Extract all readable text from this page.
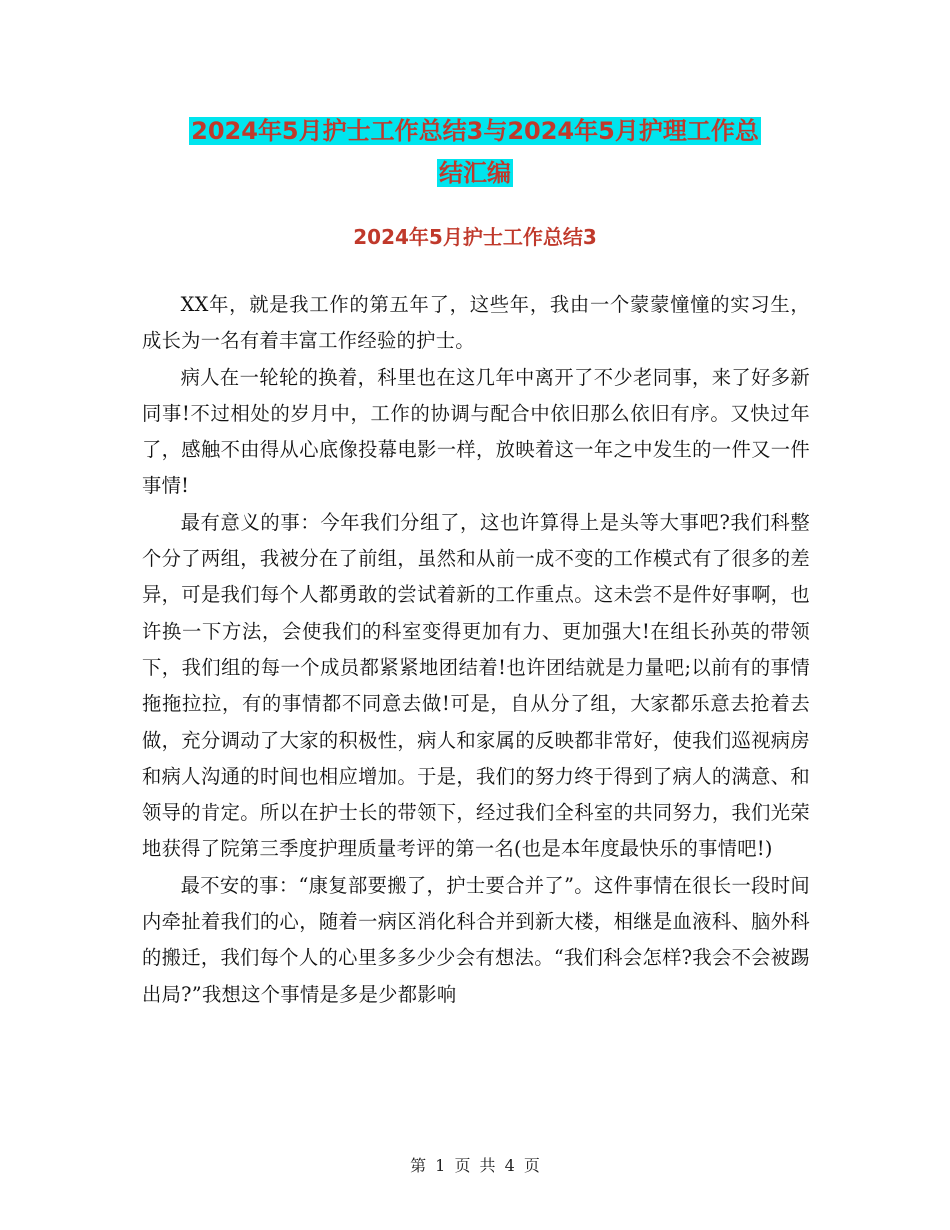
2024年5月护士工作总结3与2024年5月护理工作总
结汇编
2024年5月护士工作总结3

XX年，就是我工作的第五年了，这些年，我由一个蒙蒙憧憧的实习生，成长为一名有着丰富工作经验的护士。

病人在一轮轮的换着，科里也在这几年中离开了不少老同事，来了好多新同事!不过相处的岁月中，工作的协调与配合中依旧那么依旧有序。又快过年了，感触不由得从心底像投幕电影一样，放映着这一年之中发生的一件又一件事情!

最有意义的事：今年我们分组了，这也许算得上是头等大事吧?我们科整个分了两组，我被分在了前组，虽然和从前一成不变的工作模式有了很多的差异，可是我们每个人都勇敢的尝试着新的工作重点。这未尝不是件好事啊，也许换一下方法，会使我们的科室变得更加有力、更加强大!在组长孙英的带领下，我们组的每一个成员都紧紧地团结着!也许团结就是力量吧;以前有的事情拖拖拉拉，有的事情都不同意去做!可是，自从分了组，大家都乐意去抢着去做，充分调动了大家的积极性，病人和家属的反映都非常好，使我们巡视病房和病人沟通的时间也相应增加。于是，我们的努力终于得到了病人的满意、和领导的肯定。所以在护士长的带领下，经过我们全科室的共同努力，我们光荣地获得了院第三季度护理质量考评的第一名(也是本年度最快乐的事情吧!)

最不安的事：“康复部要搬了，护士要合并了”。这件事情在很长一段时间内牵扯着我们的心，随着一病区消化科合并到新大楼，相继是血液科、脑外科的搬迁，我们每个人的心里多多少少会有想法。“我们科会怎样?我会不会被踢出局?”我想这个事情是多是少都影响

第 1 页 共 4 页
